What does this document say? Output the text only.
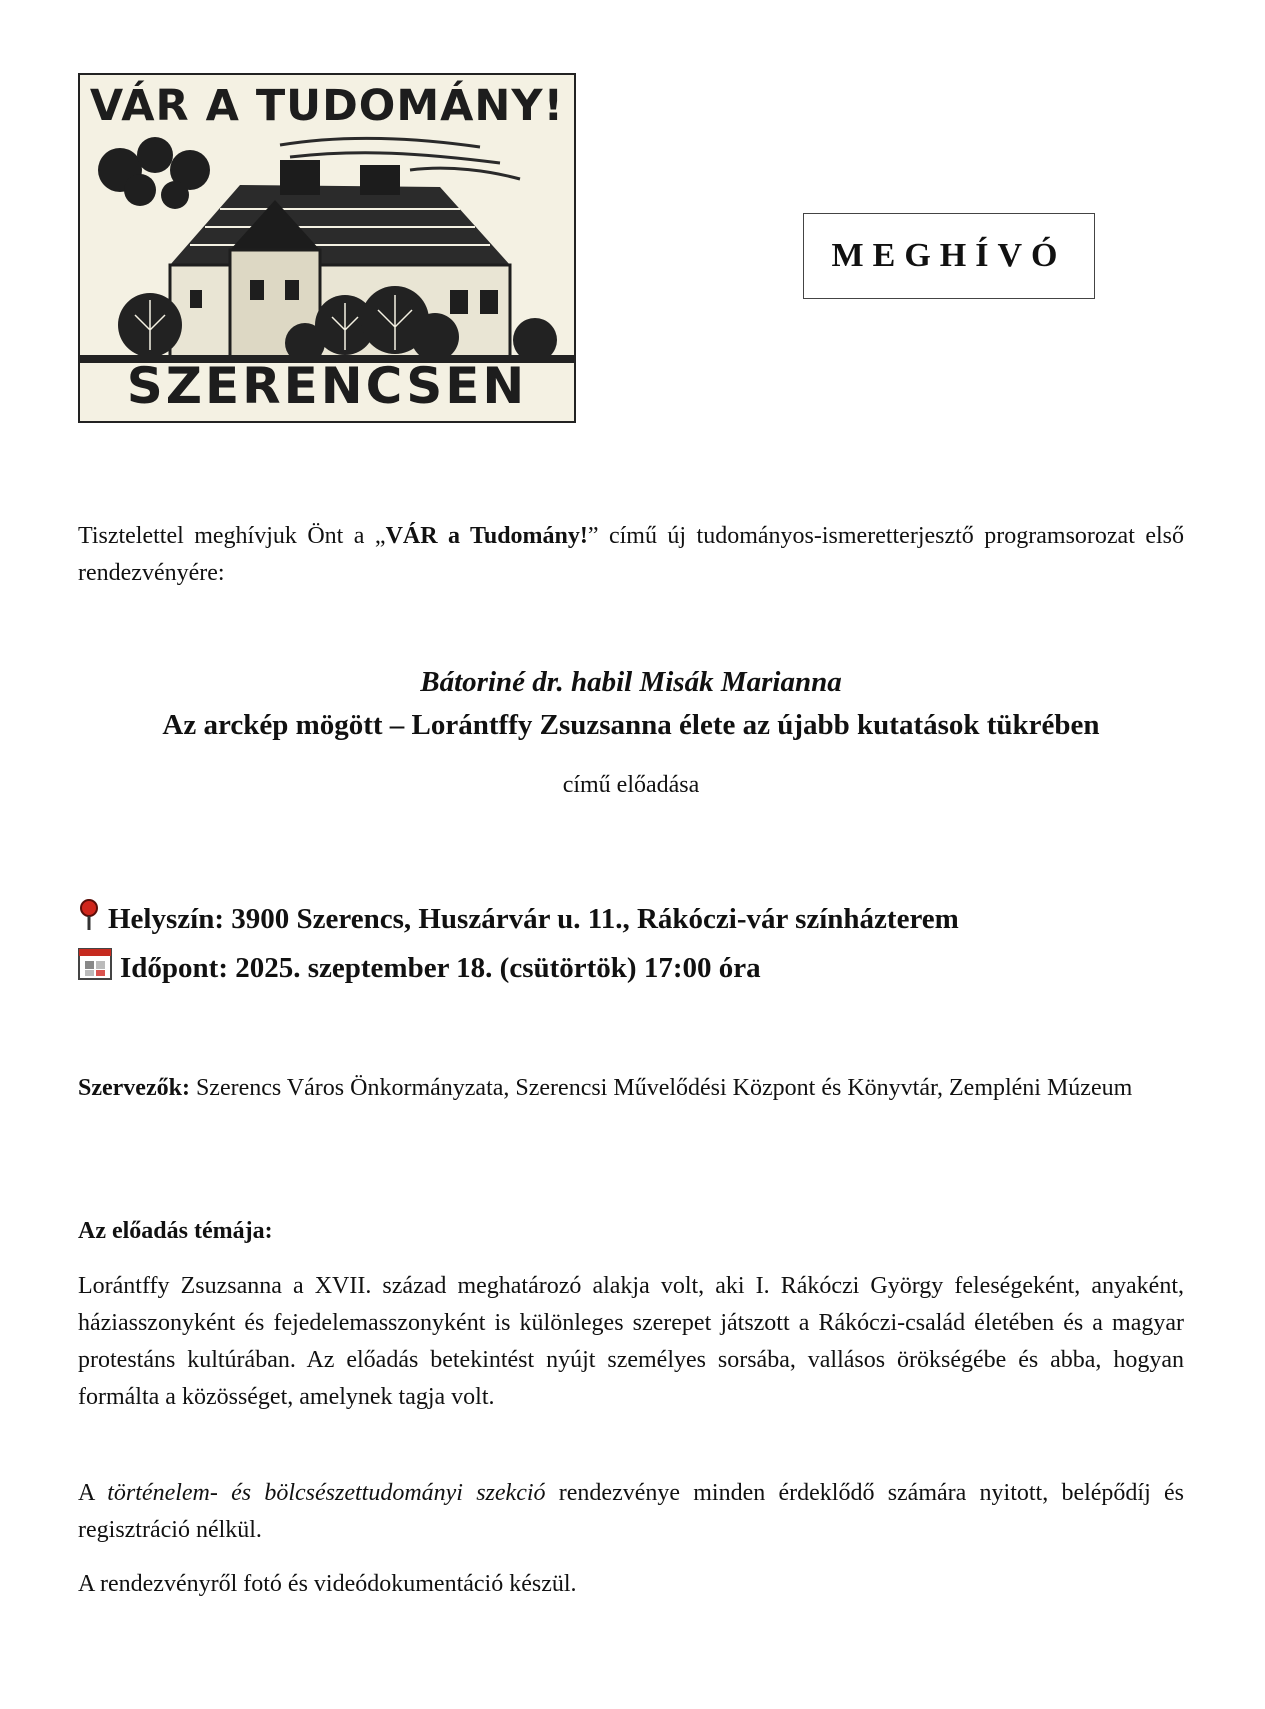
VÁR A TUDOMÁNY!
SZERENCSEN
MEGHÍVÓ

Tisztelettel meghívjuk Önt a „VÁR a Tudomány!” című új tudományos-ismeretterjesztő programsorozat első rendezvényére:

Bátoriné dr. habil Misák Marianna
Az arckép mögött – Lorántffy Zsuzsanna élete az újabb kutatások tükrében
című előadása
Helyszín: 3900 Szerencs, Huszárvár u. 11., Rákóczi-vár színházterem
Időpont: 2025. szeptember 18. (csütörtök) 17:00 óra

Szervezők: Szerencs Város Önkormányzata, Szerencsi Művelődési Központ és Könyvtár, Zempléni Múzeum

Az előadás témája:

Lorántffy Zsuzsanna a XVII. század meghatározó alakja volt, aki I. Rákóczi György feleségeként, anyaként, háziasszonyként és fejedelemasszonyként is különleges szerepet játszott a Rákóczi-család életében és a magyar protestáns kultúrában. Az előadás betekintést nyújt személyes sorsába, vallásos örökségébe és abba, hogyan formálta a közösséget, amelynek tagja volt.

A történelem- és bölcsészettudományi szekció rendezvénye minden érdeklődő számára nyitott, belépődíj és regisztráció nélkül.

A rendezvényről fotó és videódokumentáció készül.
